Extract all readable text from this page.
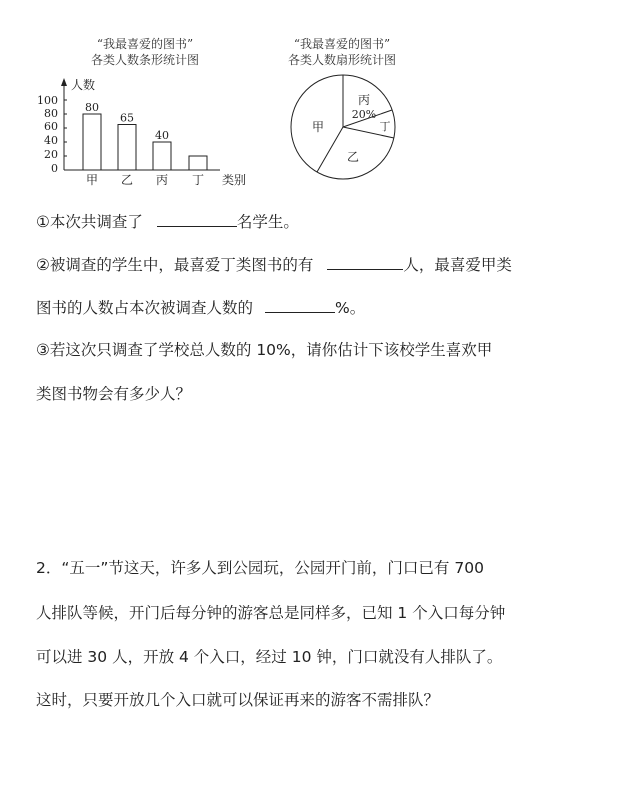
“我最喜爱的图书”
各类人数条形统计图
“我最喜爱的图书”
各类人数扇形统计图
100
80
60
40
20
0
人数
80
65
40
甲 乙 丙 丁 类别
甲
丙
20%
丁
乙
①本次共调查了	名学生。
②被调查的学生中，最喜爱丁类图书的有	人，最喜爱甲类
图书的人数占本次被调查人数的	%。
③若这次只调查了学校总人数的 10%，请你估计下该校学生喜欢甲
类图书物会有多少人？
2．“五一”节这天，许多人到公园玩，公园开门前，门口已有 700
人排队等候，开门后每分钟的游客总是同样多，已知 1 个入口每分钟
可以进 30 人，开放 4 个入口，经过 10 钟，门口就没有人排队了。
这时，只要开放几个入口就可以保证再来的游客不需排队？
